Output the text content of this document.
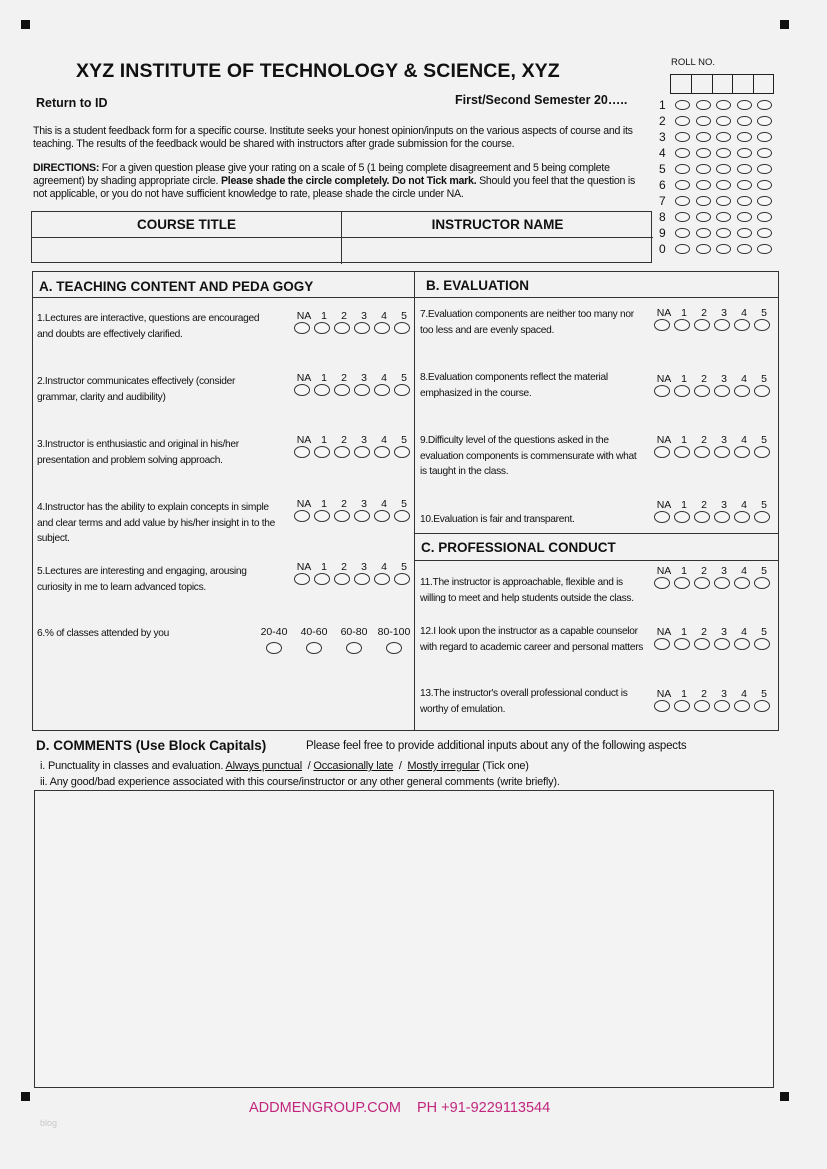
XYZ INSTITUTE OF TECHNOLOGY & SCIENCE, XYZ
Return to ID	First/Second Semester 20…..
This is a student feedback form for a specific course. Institute seeks your honest opinion/inputs on the various aspects of course and its teaching. The results of the feedback would be shared with instructors after grade submission for the course.
DIRECTIONS: For a given question please give your rating on a scale of 5 (1 being complete disagreement and 5 being complete agreement) by shading appropriate circle. Please shade the circle completely. Do not Tick mark. Should you feel that the question is not applicable, or you do not have sufficient knowledge to rate, please shade the circle under NA.
ROLL NO.
1
2
3
4
5
6
7
8
9
0
COURSE TITLE	INSTRUCTOR NAME
A. TEACHING CONTENT AND PEDA GOGY	B. EVALUATION
C. PROFESSIONAL CONDUCT
1.Lectures are interactive, questions are encouraged and doubts are effectively clarified.
NA 1	2	3	4	5
2.Instructor communicates effectively (consider grammar, clarity and audibility)
NA 1	2	3	4	5
3.Instructor is enthusiastic and original in his/her presentation and problem solving approach.
NA 1	2	3	4	5
4.Instructor has the ability to explain concepts in simple and clear terms and add value by his/her insight in to the subject.
NA 1	2	3	4	5
5.Lectures are interesting and engaging, arousing curiosity in me to learn advanced topics.
NA 1	2	3	4	5
7.Evaluation components are neither too many nor too less and are evenly spaced.
NA 1	2	3	4	5
8.Evaluation components reflect the material emphasized in the course.
NA 1	2	3	4	5
9.Difficulty level of the questions asked in the evaluation components is commensurate with what is taught in the class.
NA 1	2	3	4	5
10.Evaluation is fair and transparent.
NA 1	2	3	4	5
11.The instructor is approachable, flexible and is willing to meet and help students outside the class.
NA 1	2	3	4	5
12.I look upon the instructor as a capable counselor with regard to academic career and personal matters
NA 1	2	3	4	5
13.The instructor's overall professional conduct is worthy of emulation.
NA 1	2	3	4	5
6.% of classes attended by you	20-40	40-60	60-80 80-100
D. COMMENTS (Use Block Capitals)	Please feel free to provide additional inputs about any of the following aspects
i. Punctuality in classes and evaluation. Always punctual  / Occasionally late  /  Mostly irregular (Tick one)
ii. Any good/bad experience associated with this course/instructor or any other general comments (write briefly).
ADDMENGROUP.COM PH +91-9229113544
blog
